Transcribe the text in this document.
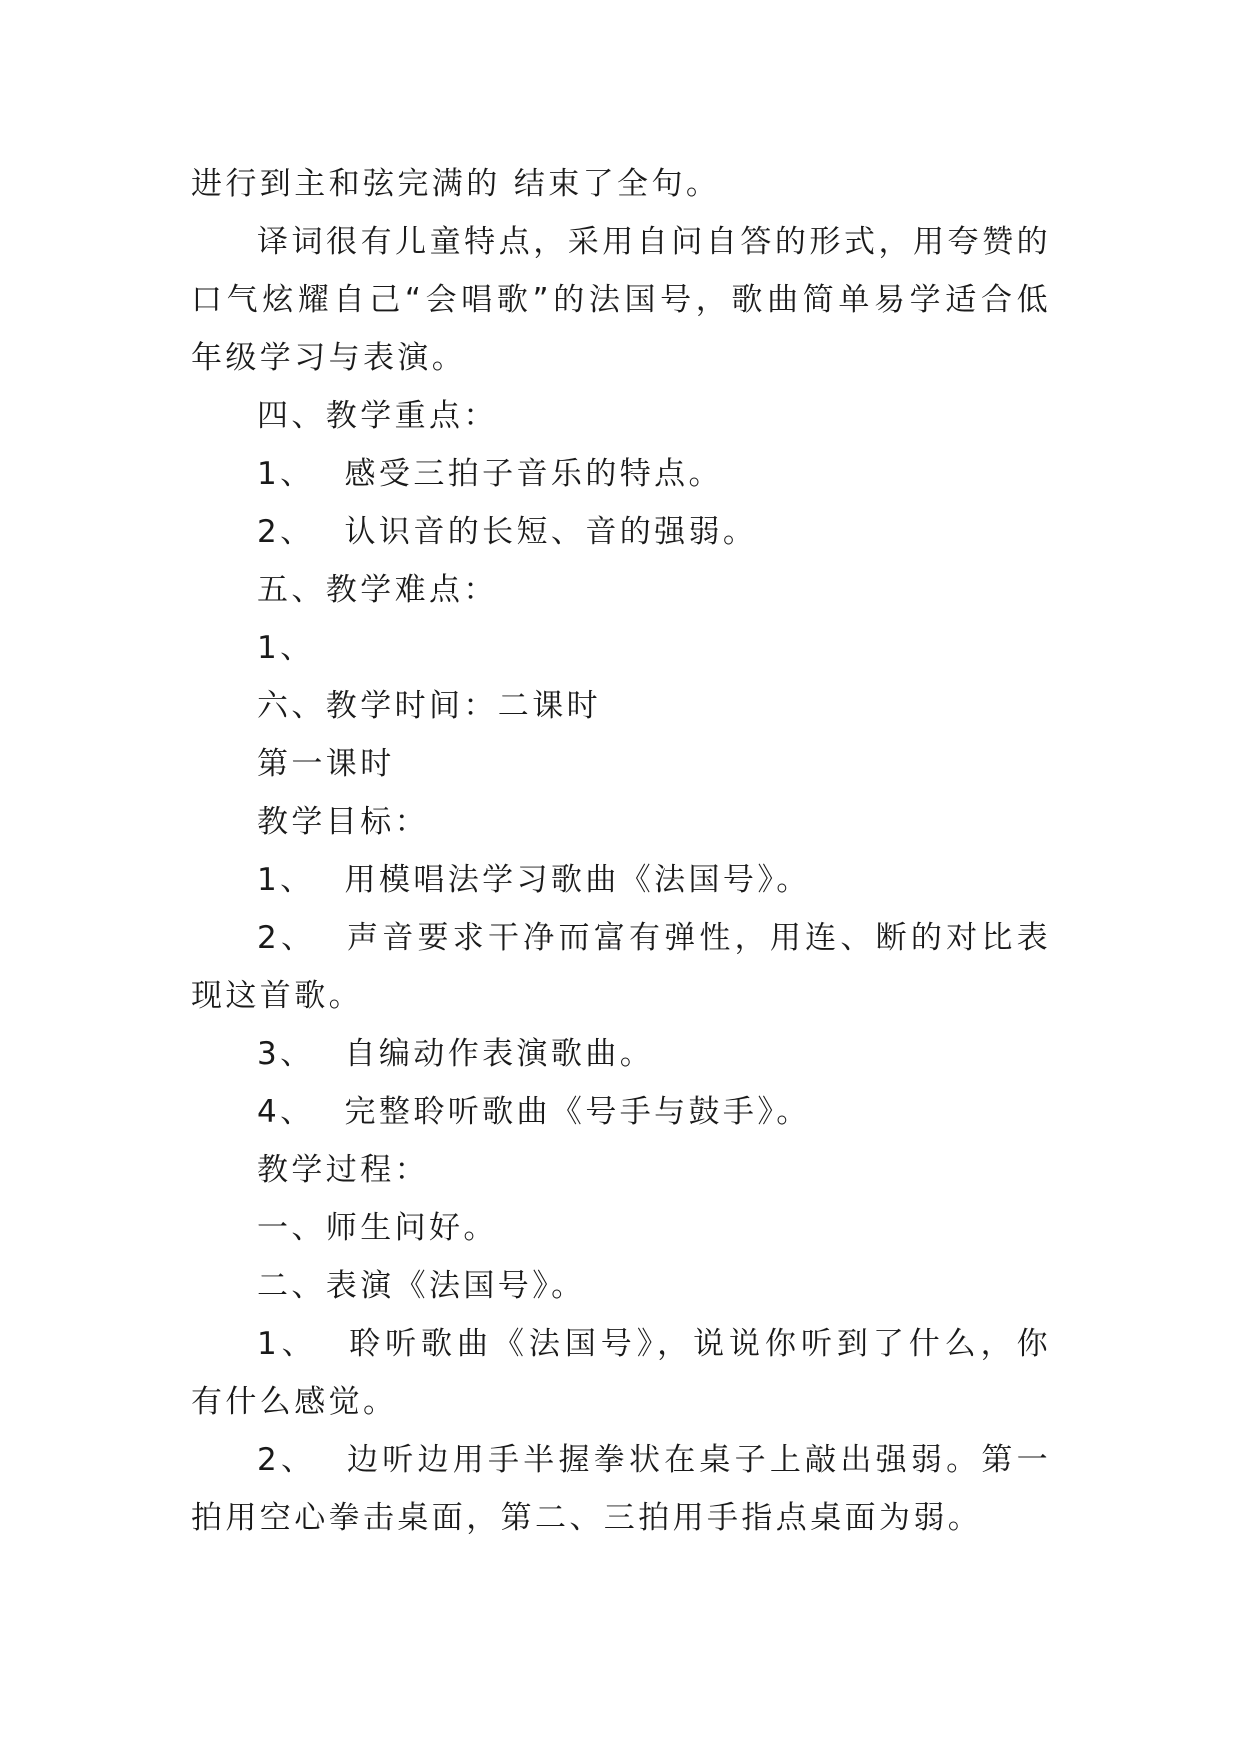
进行到主和弦完满的 结束了全句。

译词很有儿童特点，采用自问自答的形式，用夸赞的口气炫耀自己“会唱歌”的法国号，歌曲简单易学适合低年级学习与表演。

四、教学重点：

1、 感受三拍子音乐的特点。

2、 认识音的长短、音的强弱。

五、教学难点：

1、

六、教学时间：二课时

第一课时

教学目标：

1、 用模唱法学习歌曲《法国号》。

2、 声音要求干净而富有弹性，用连、断的对比表现这首歌。

3、 自编动作表演歌曲。

4、 完整聆听歌曲《号手与鼓手》。

教学过程：

一、师生问好。

二、表演《法国号》。

1、 聆听歌曲《法国号》，说说你听到了什么，你有什么感觉。

2、 边听边用手半握拳状在桌子上敲出强弱。第一拍用空心拳击桌面，第二、三拍用手指点桌面为弱。
